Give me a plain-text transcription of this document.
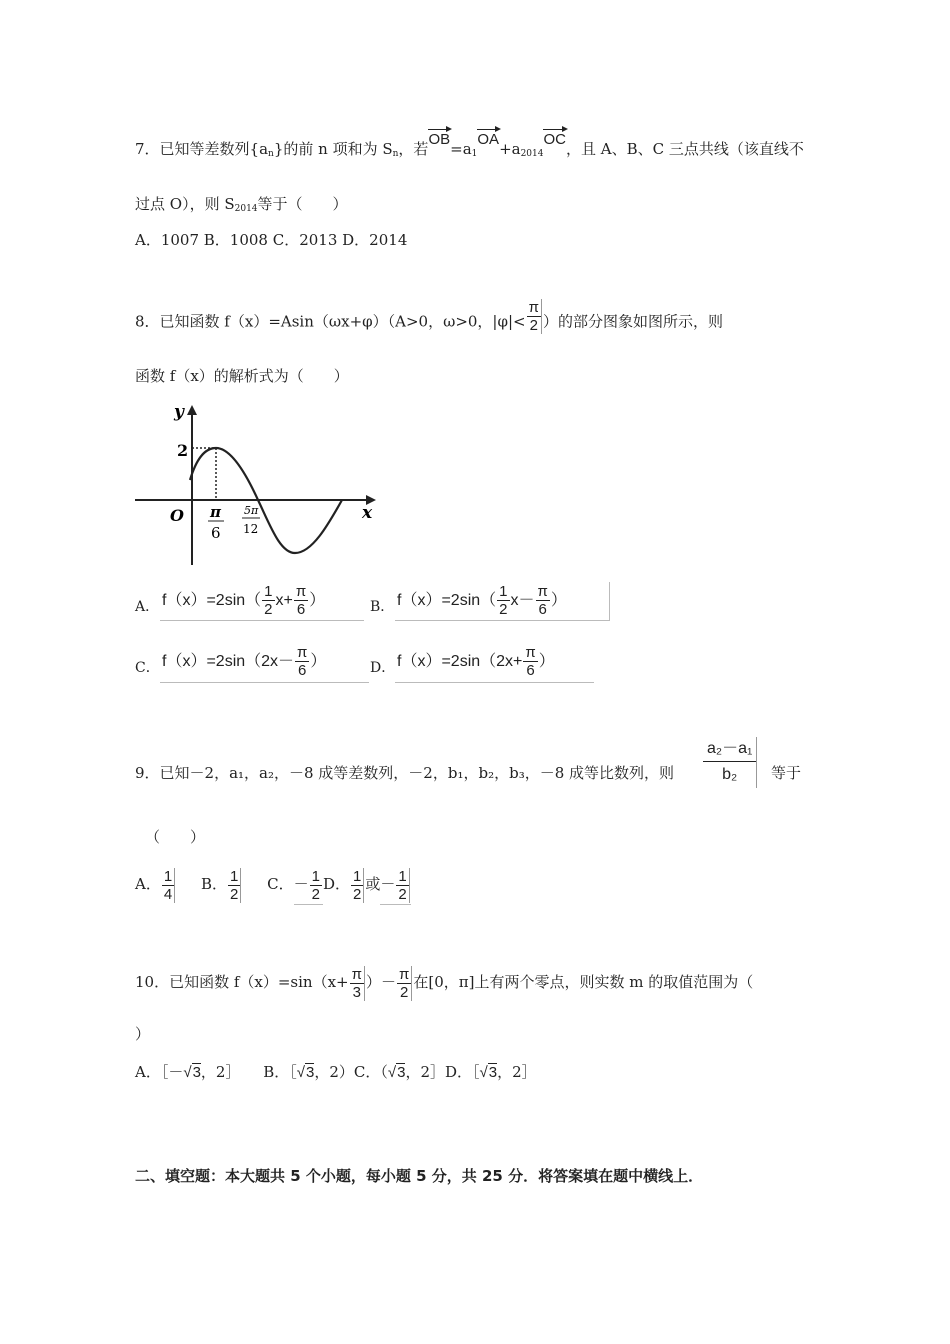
7．已知等差数列$\{a_n\}$的前 n 项和为 $S_n$，若$OB=a_1OA+a_{2014}OC$，且 A、B、C 三点共线（该直线不
过点 O），则 $S_{2014}$等于（　　）
A．1007 B．1008 C．2013 D．2014
8．已知函数 f（x）=Asin（ωx+φ）（A>0，ω>0，$|\varphi|< \frac{\pi}{2}$ ）的部分图象如图所示，则
函数 f（x）的解析式为（　　）
y
x
O
2
π
6
5π
12
A． $f(x)=2\sin( \frac{1}{2} x+ \frac{\pi}{6}$ ）	B． $f(x)=2\sin( \frac{1}{2} x- \frac{\pi}{6}$ ）
C． $f(x)=2\sin(2x- \frac{\pi}{6}$ ）	D． $f(x)=2\sin(2x+ \frac{\pi}{6}$ ）
9．已知－2，a₁，a₂，－8 成等差数列，－2，b₁，b₂，b₃，－8 成等比数列，则 $\frac{\text{a₂－a₁}}{\text{b₂}}$ 等于
（　　）
A． $\frac{1}{4}$ B． $\frac{1}{2}$ C．－ $\frac{1}{2}$ D． $\frac{1}{2}$ 或－ $\frac{1}{2}$
10．已知函数 $f(x)=\sin(x+ \frac{\pi}{3}$ ）－ $\frac{\pi}{2}$ 在[0，π]上有两个零点，则实数 m 的取值范围为（
）
A．［－√3，2］ B．［√3，2）C．（√3，2］D．［√3，2］
二、填空题：本大题共 5 个小题，每小题 5 分，共 25 分．将答案填在题中横线上．
